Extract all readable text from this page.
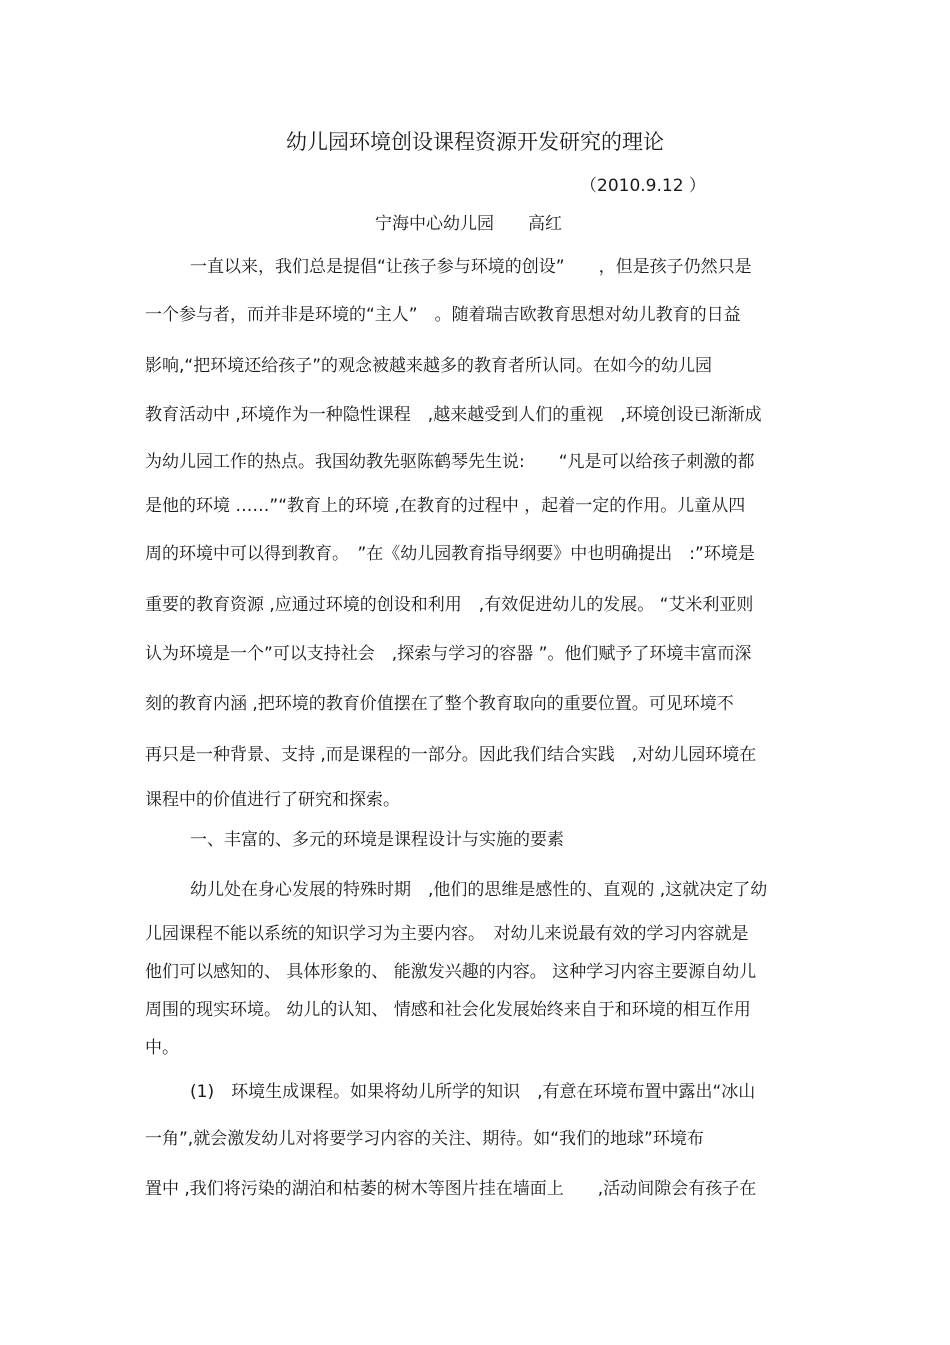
幼儿园环境创设课程资源开发研究的理论
（2010.9.12 ）
宁海中心幼儿园　　高红

一直以来，我们总是提倡“让孩子参与环境的创设”　　，但是孩子仍然只是

一个参与者，而并非是环境的“主人”　。随着瑞吉欧教育思想对幼儿教育的日益

影响,“把环境还给孩子”的观念被越来越多的教育者所认同。在如今的幼儿园

教育活动中 ,环境作为一种隐性课程　,越来越受到人们的重视　,环境创设已渐渐成

为幼儿园工作的热点。我国幼教先驱陈鹤琴先生说:　　“凡是可以给孩子刺激的都

是他的环境 ……”“教育上的环境 ,在教育的过程中 ，起着一定的作用。儿童从四

周的环境中可以得到教育。　”在《幼儿园教育指导纲要》中也明确提出　:”环境是

重要的教育资源 ,应通过环境的创设和利用　,有效促进幼儿的发展。 “艾米利亚则

认为环境是一个”可以支持社会　,探索与学习的容器 ”。他们赋予了环境丰富而深

刻的教育内涵 ,把环境的教育价值摆在了整个教育取向的重要位置。可见环境不

再只是一种背景、支持 ,而是课程的一部分。因此我们结合实践　,对幼儿园环境在

课程中的价值进行了研究和探索。

一、丰富的、多元的环境是课程设计与实施的要素

幼儿处在身心发展的特殊时期　,他们的思维是感性的、直观的 ,这就决定了幼

儿园课程不能以系统的知识学习为主要内容。　对幼儿来说最有效的学习内容就是

他们可以感知的、 具体形象的、 能激发兴趣的内容。 这种学习内容主要源自幼儿

周围的现实环境。 幼儿的认知、 情感和社会化发展始终来自于和环境的相互作用

中。

(1)　环境生成课程。如果将幼儿所学的知识　,有意在环境布置中露出“冰山

一角”,就会激发幼儿对将要学习内容的关注、期待。如“我们的地球”环境布

置中 ,我们将污染的湖泊和枯萎的树木等图片挂在墙面上　　,活动间隙会有孩子在
